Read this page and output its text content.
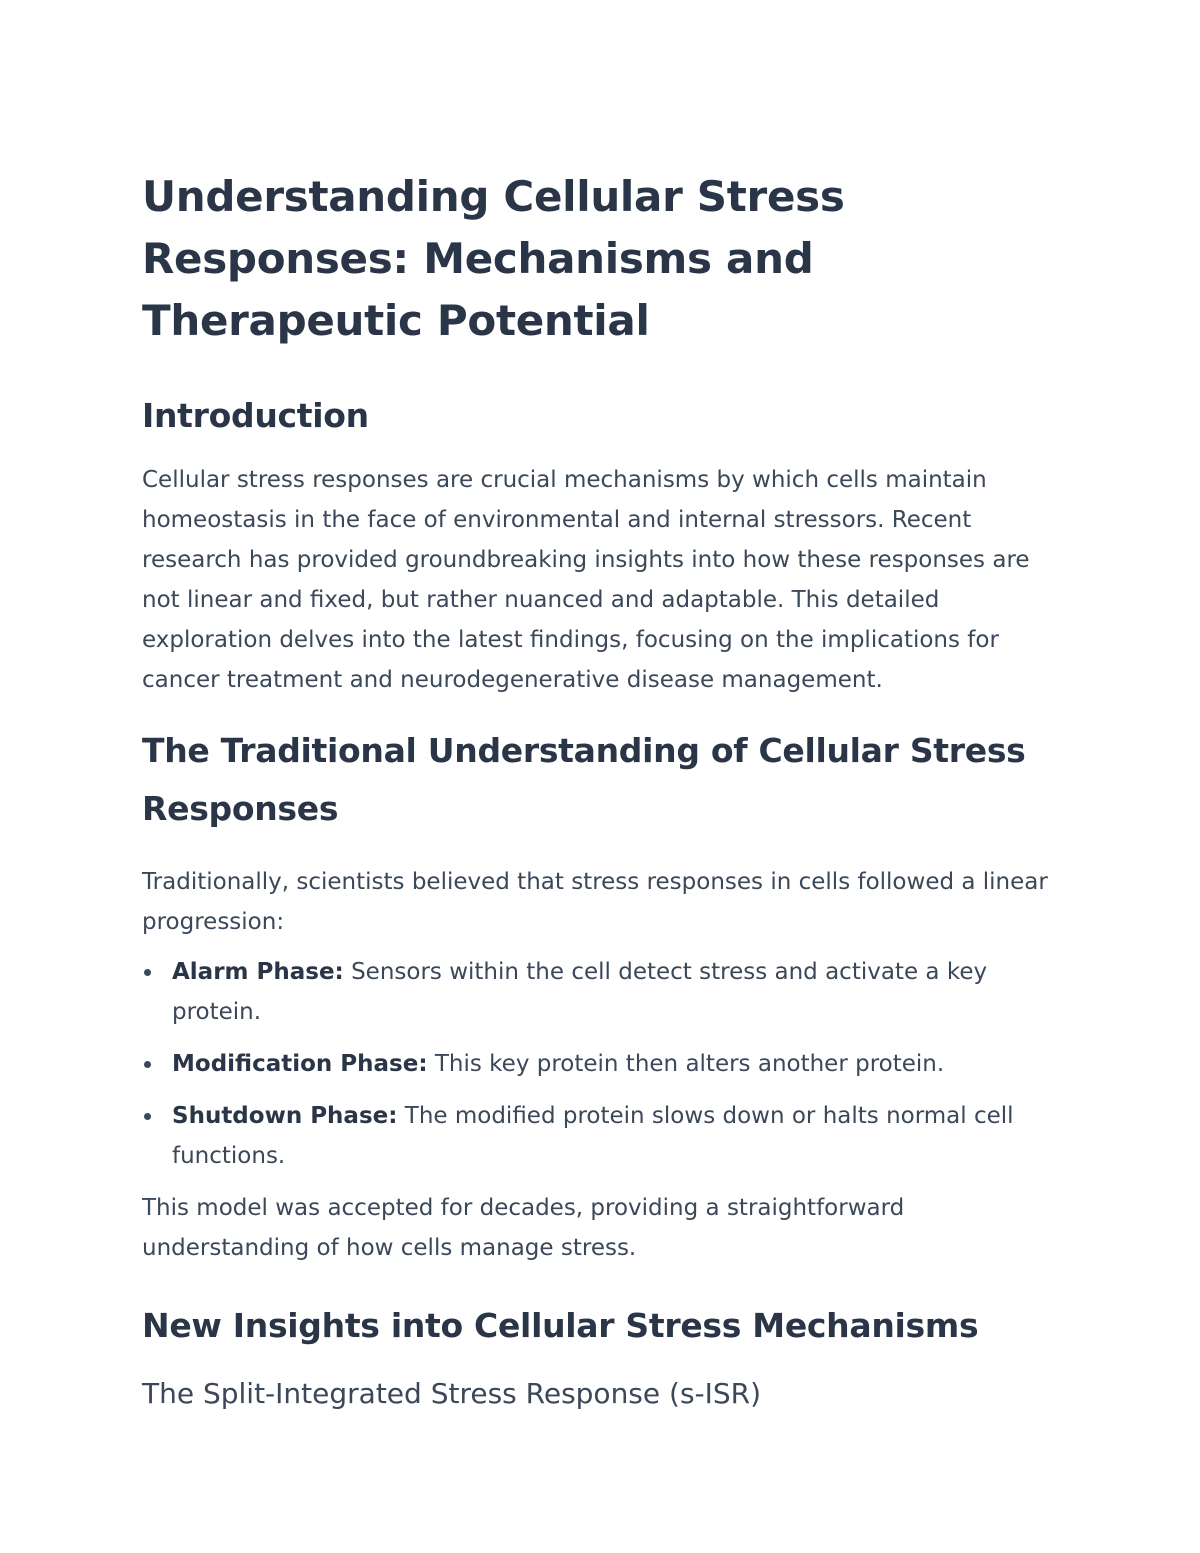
Understanding Cellular Stress Responses: Mechanisms and Therapeutic Potential
Introduction

Cellular stress responses are crucial mechanisms by which cells maintain homeostasis in the face of environmental and internal stressors. Recent research has provided groundbreaking insights into how these responses are not linear and fixed, but rather nuanced and adaptable. This detailed exploration delves into the latest findings, focusing on the implications for cancer treatment and neurodegenerative disease management.

The Traditional Understanding of Cellular Stress Responses

Traditionally, scientists believed that stress responses in cells followed a linear progression:

Alarm Phase: Sensors within the cell detect stress and activate a key protein.
Modification Phase: This key protein then alters another protein.
Shutdown Phase: The modified protein slows down or halts normal cell functions.

This model was accepted for decades, providing a straightforward understanding of how cells manage stress.

New Insights into Cellular Stress Mechanisms
The Split-Integrated Stress Response (s-ISR)
